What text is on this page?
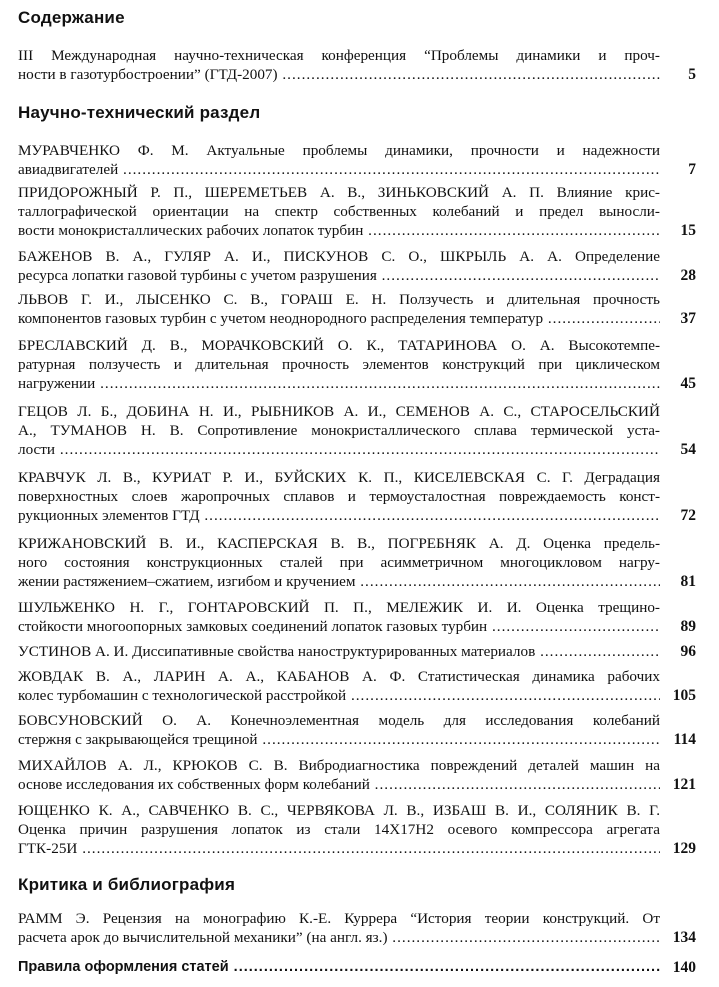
Содержание
III Международная научно-техническая конференция “Проблемы динамики и проч-
ности в газотурбостроении” (ГТД-2007) .....	5
Научно-технический раздел
МУРАВЧЕНКО Ф. М. Актуальные проблемы динамики, прочности и надежности
авиадвигателей .....	7
ПРИДОРОЖНЫЙ Р. П., ШЕРЕМЕТЬЕВ А. В., ЗИНЬКОВСКИЙ А. П. Влияние крис-
таллографической ориентации на спектр собственных колебаний и предел выносли-
вости монокристаллических рабочих лопаток турбин .....	15
БАЖЕНОВ В. А., ГУЛЯР А. И., ПИСКУНОВ С. О., ШКРЫЛЬ А. А. Определение
ресурса лопатки газовой турбины с учетом разрушения .....	28
ЛЬВОВ Г. И., ЛЫСЕНКО С. В., ГОРАШ Е. Н. Ползучесть и длительная прочность
компонентов газовых турбин с учетом неоднородного распределения температур .....	37
БРЕСЛАВСКИЙ Д. В., МОРАЧКОВСКИЙ О. К., ТАТАРИНОВА О. А. Высокотемпе-
ратурная ползучесть и длительная прочность элементов конструкций при циклическом
нагружении .....	45
ГЕЦОВ Л. Б., ДОБИНА Н. И., РЫБНИКОВ А. И., СЕМЕНОВ А. С., СТАРОСЕЛЬСКИЙ
А., ТУМАНОВ Н. В. Сопротивление монокристаллического сплава термической уста-
лости .....	54
КРАВЧУК Л. В., КУРИАТ Р. И., БУЙСКИХ К. П., КИСЕЛЕВСКАЯ С. Г. Деградация
поверхностных слоев жаропрочных сплавов и термоусталостная повреждаемость конст-
рукционных элементов ГТД .....	72
КРИЖАНОВСКИЙ В. И., КАСПЕРСКАЯ В. В., ПОГРЕБНЯК А. Д. Оценка предель-
ного состояния конструкционных сталей при асимметричном многоцикловом нагру-
жении растяжением–сжатием, изгибом и кручением .....	81
ШУЛЬЖЕНКО Н. Г., ГОНТАРОВСКИЙ П. П., МЕЛЕЖИК И. И. Оценка трещино-
стойкости многоопорных замковых соединений лопаток газовых турбин .....	89
УСТИНОВ А. И. Диссипативные свойства наноструктурированных материалов .....	96
ЖОВДАК В. А., ЛАРИН А. А., КАБАНОВ А. Ф. Статистическая динамика рабочих
колес турбомашин с технологической расстройкой .....	105
БОВСУНОВСКИЙ О. А. Конечноэлементная модель для исследования колебаний
стержня с закрывающейся трещиной .....	114
МИХАЙЛОВ А. Л., КРЮКОВ С. В. Вибродиагностика повреждений деталей машин на
основе исследования их собственных форм колебаний .....	121
ЮЩЕНКО К. А., САВЧЕНКО В. С., ЧЕРВЯКОВА Л. В., ИЗБАШ В. И., СОЛЯНИК В. Г.
Оценка причин разрушения лопаток из стали 14Х17Н2 осевого компрессора агрегата
ГТК-25И .....	129
Критика и библиография
РАММ Э. Рецензия на монографию К.-Е. Куррера “История теории конструкций. От
расчета арок до вычислительной механики” (на англ. яз.) .....	134
Правила оформления статей .....	140
